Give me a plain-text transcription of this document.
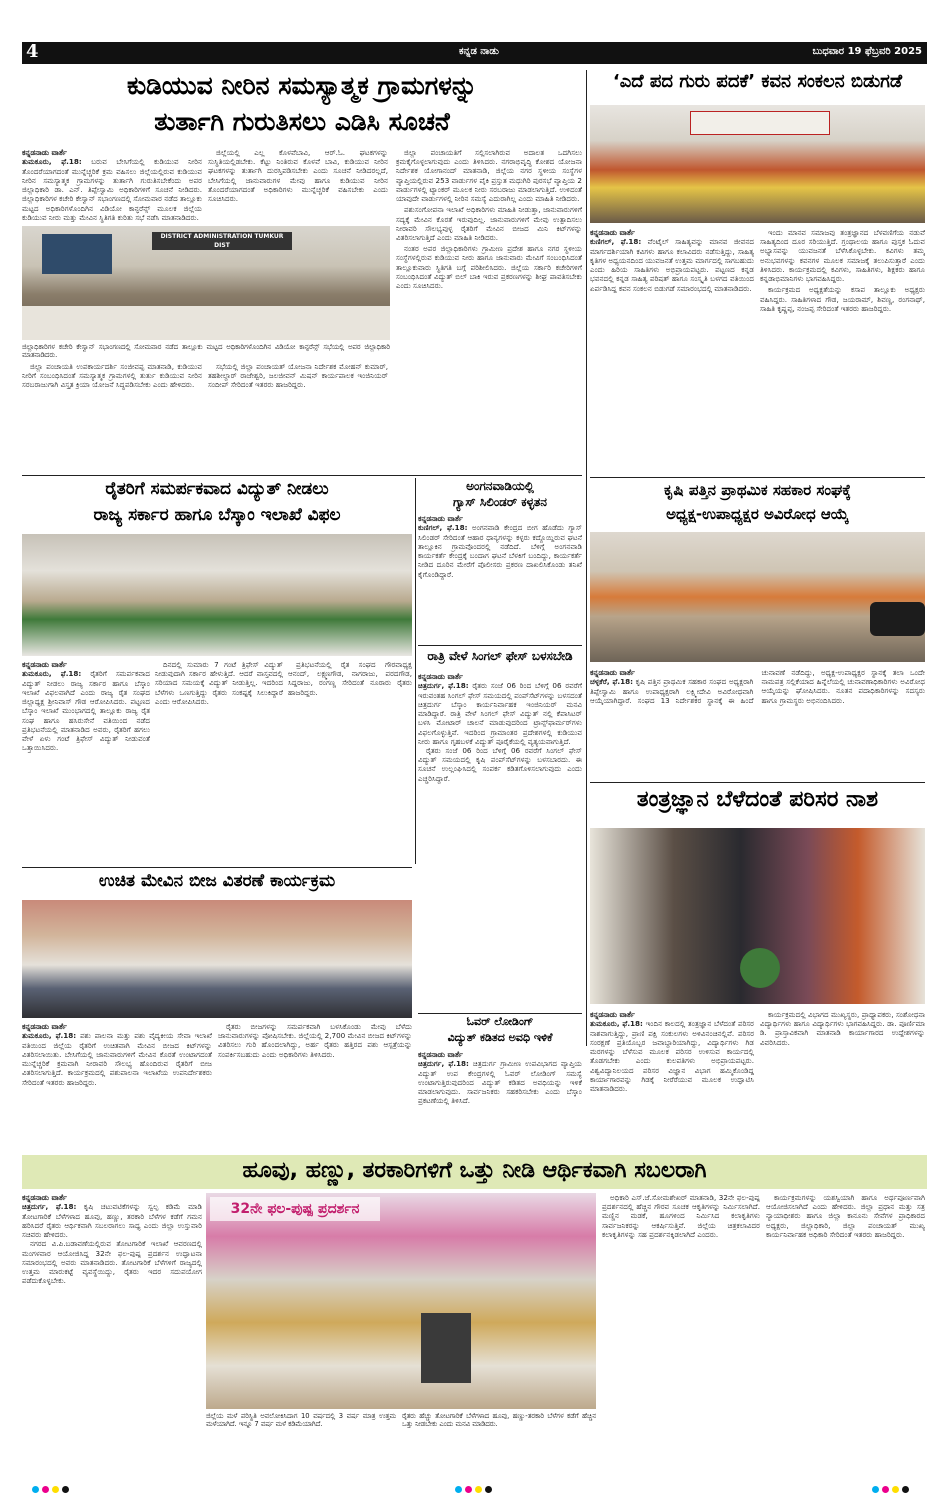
4	ಕನ್ನಡ ನಾಡು	ಬುಧವಾರ 19 ಫೆಬ್ರವರಿ 2025
ಕುಡಿಯುವ ನೀರಿನ ಸಮಸ್ಯಾತ್ಮಕ ಗ್ರಾಮಗಳನ್ನು
ತುರ್ತಾಗಿ ಗುರುತಿಸಲು ಎಡಿಸಿ ಸೂಚನೆ
ಕನ್ನಡನಾಡು ವಾರ್ತೆ
ತುಮಕೂರು, ಫೆ.18: ಬರುವ ಬೇಸಿಗೆಯಲ್ಲಿ ಕುಡಿಯುವ ನೀರಿನ ತೊಂದರೆಯಾಗದಂತೆ ಮುನ್ನೆಚ್ಚರಿಕೆ ಕ್ರಮ ವಹಿಸಲು ಜಿಲ್ಲೆಯಲ್ಲಿರುವ ಕುಡಿಯುವ ನೀರಿನ ಸಮಸ್ಯಾತ್ಮಕ ಗ್ರಾಮಗಳನ್ನು ತುರ್ತಾಗಿ ಗುರುತಿಸಬೇಕೆಂದು ಅಪರ ಜಿಲ್ಲಾಧಿಕಾರಿ ಡಾ. ಎನ್. ತಿಪ್ಪೇಸ್ವಾಮಿ ಅಧಿಕಾರಿಗಳಿಗೆ ಸೂಚನೆ ನೀಡಿದರು. ಜಿಲ್ಲಾಧಿಕಾರಿಗಳ ಕಚೇರಿ ಕೇಸ್ವಾನ್ ಸಭಾಂಗಣದಲ್ಲಿ ಸೋಮವಾರ ನಡೆದ ತಾಲ್ಲೂಕು ಮಟ್ಟದ ಅಧಿಕಾರಿಗಳೊಂದಿಗಿನ ವಿಡಿಯೋ ಕಾನ್ಫರೆನ್ಸ್ ಮೂಲಕ ಜಿಲ್ಲೆಯ ಕುಡಿಯುವ ನೀರು ಮತ್ತು ಮೇವಿನ ಸ್ಥಿತಿಗತಿ ಕುರಿತು ಸಭೆ ನಡೆಸಿ ಮಾತನಾಡಿದರು.

ಜಿಲ್ಲೆಯಲ್ಲಿ ಎಲ್ಲ ಕೊಳವೆಬಾವಿ, ಆರ್.ಓ. ಘಟಕಗಳನ್ನು ಸುಸ್ಥಿತಿಯಲ್ಲಿಡಬೇಕು. ಕೆಟ್ಟು ನಿಂತಿರುವ ಕೊಳವೆ ಬಾವಿ, ಕುಡಿಯುವ ನೀರಿನ ಘಟಕಗಳನ್ನು ತುರ್ತಾಗಿ ದುರಸ್ತಿಪಡಿಸಬೇಕು ಎಂದು ಸೂಚನೆ ನೀಡಿದರಲ್ಲದೆ, ಬೇಸಿಗೆಯಲ್ಲಿ ಜಾನುವಾರುಗಳ ಮೇವು ಹಾಗೂ ಕುಡಿಯುವ ನೀರಿನ ತೊಂದರೆಯಾಗದಂತೆ ಅಧಿಕಾರಿಗಳು ಮುನ್ನೆಚ್ಚರಿಕೆ ವಹಿಸಬೇಕು ಎಂದು ಸೂಚಿಸಿದರು.

DISTRICT ADMINISTRATION TUMKUR DIST
ಜಿಲ್ಲಾಧಿಕಾರಿಗಳ ಕಚೇರಿ ಕೇಸ್ವಾನ್ ಸಭಾಂಗಣದಲ್ಲಿ ಸೋಮವಾರ ನಡೆದ ತಾಲ್ಲೂಕು ಮಟ್ಟದ ಅಧಿಕಾರಿಗಳೊಂದಿಗಿನ ವಿಡಿಯೋ ಕಾನ್ಫರೆನ್ಸ್ ಸಭೆಯಲ್ಲಿ ಅಪರ ಜಿಲ್ಲಾಧಿಕಾರಿ ಮಾತನಾಡಿದರು.

ಜಿಲ್ಲಾ ಪಂಚಾಯತಿ ಉಪಕಾರ್ಯದರ್ಶಿ ಸಂಜೀವಪ್ಪ ಮಾತನಾಡಿ, ಕುಡಿಯುವ ನೀರಿಗೆ ಸಂಬಂಧಿಸಿದಂತೆ ಸಮಸ್ಯಾತ್ಮಕ ಗ್ರಾಮಗಳಲ್ಲಿ ತುರ್ತು ಕುಡಿಯುವ ನೀರಿನ ಸರಬರಾಜುಗಾಗಿ ವಿಸ್ತೃತ ಕ್ರಿಯಾ ಯೋಜನೆ ಸಿದ್ಧಪಡಿಸಬೇಕು ಎಂದು ಹೇಳಿದರು.

ಸಭೆಯಲ್ಲಿ ಜಿಲ್ಲಾ ಪಂಚಾಯತ್ ಯೋಜನಾ ನಿರ್ದೇಶಕ ಮೋಹನ್ ಕುಮಾರ್, ತಹಶೀಲ್ದಾರ್ ರಾಜೇಶ್ವರಿ, ಜಲಜೀವನ್ ಮಿಷನ್ ಕಾರ್ಯಪಾಲಕ ಇಂಜಿನಿಯರ್ ಸಂದೀಪ್ ಸೇರಿದಂತೆ ಇತರರು ಹಾಜರಿದ್ದರು.

ಜಿಲ್ಲಾ ಪಂಚಾಯತಿಗೆ ಸಲ್ಲಿಸಲಾಗಿರುವ ಅದಾಲತ ಒದಗಿಸಲು ಕ್ರಮಕೈಗೊಳ್ಳಲಾಗುವುದು ಎಂದು ತಿಳಿಸಿದರು. ನಗರಾಭಿವೃದ್ಧಿ ಕೋಶದ ಯೋಜನಾ ನಿರ್ದೇಶಕ ಯೋಗಾನಂದ್ ಮಾತನಾಡಿ, ಜಿಲ್ಲೆಯ ನಗರ ಸ್ಥಳೀಯ ಸಂಸ್ಥೆಗಳ ವ್ಯಾಪ್ತಿಯಲ್ಲಿರುವ 253 ವಾರ್ಡುಗಳ ಪೈಕಿ ಪ್ರಸ್ತುತ ಮಧುಗಿರಿ ಪುರಸಭೆ ವ್ಯಾಪ್ತಿಯ 2 ವಾರ್ಡುಗಳಲ್ಲಿ ಟ್ಯಾಂಕರ್ ಮೂಲಕ ನೀರು ಸರಬರಾಜು ಮಾಡಲಾಗುತ್ತಿದೆ. ಉಳಿದಂತೆ ಯಾವುದೇ ವಾರ್ಡುಗಳಲ್ಲಿ ನೀರಿನ ಸಮಸ್ಯೆ ಎದುರಾಗಿಲ್ಲ ಎಂದು ಮಾಹಿತಿ ನೀಡಿದರು.

ಪಶುಸಂಗೋಪನಾ ಇಲಾಖೆ ಅಧಿಕಾರಿಗಳು ಮಾಹಿತಿ ನೀಡುತ್ತಾ, ಜಾನುವಾರುಗಳಿಗೆ ಸದ್ಯಕ್ಕೆ ಮೇವಿನ ಕೊರತೆ ಇರುವುದಿಲ್ಲ. ಜಾನುವಾರುಗಳಿಗೆ ಮೇವು ಉತ್ಪಾದಿಸಲು ನೀರಾವರಿ ಸೌಲಭ್ಯವುಳ್ಳ ರೈತರಿಗೆ ಮೇವಿನ ಬೀಜದ ಮಿನಿ ಕಿಟ್‌ಗಳನ್ನು ವಿತರಿಸಲಾಗುತ್ತಿದೆ ಎಂದು ಮಾಹಿತಿ ನೀಡಿದರು.

ನಂತರ ಅಪರ ಜಿಲ್ಲಾಧಿಕಾರಿಗಳು ಗ್ರಾಮೀಣ ಪ್ರದೇಶ ಹಾಗೂ ನಗರ ಸ್ಥಳೀಯ ಸಂಸ್ಥೆಗಳಲ್ಲಿರುವ ಕುಡಿಯುವ ನೀರು ಹಾಗೂ ಜಾನುವಾರು ಮೇವಿಗೆ ಸಂಬಂಧಿಸಿದಂತೆ ತಾಲ್ಲೂಕುವಾರು ಸ್ಥಿತಿಗತಿ ಬಗ್ಗೆ ಪರಿಶೀಲಿಸಿದರು. ಜಿಲ್ಲೆಯ ಸರ್ಕಾರಿ ಕಚೇರಿಗಳಿಗೆ ಸಂಬಂಧಿಸಿದಂತೆ ವಿದ್ಯುತ್ ಬಿಲ್ ಬಾಕಿ ಇರುವ ಪ್ರಕರಣಗಳನ್ನು ಶೀಘ್ರ ಪಾವತಿಸಬೇಕು ಎಂದು ಸೂಚಿಸಿದರು.

‘ಎದೆ ಪದ ಗುರು ಪದಕೆ’ ಕವನ ಸಂಕಲನ ಬಿಡುಗಡೆ
ಕನ್ನಡನಾಡು ವಾರ್ತೆ
ಕುಣಿಗಲ್, ಫೆ.18: ವೆಂಟೈಲ್ ಸಾಹಿತ್ಯವನ್ನು ಮಾನವ ಜೀವನದ ಮಾರ್ಗದರ್ಶಿಯಾಗಿ ಕವಿಗಳು ಹಾಗೂ ಕಲಾವಿದರು ನಡೆಸುತ್ತಿದ್ದು, ಸಾಹಿತ್ಯ ಕೃತಿಗಳ ಅಧ್ಯಯನದಿಂದ ಯುವಜನತೆ ಉತ್ತಮ ಮಾರ್ಗದಲ್ಲಿ ಸಾಗಬಹುದು ಎಂದು ಹಿರಿಯ ಸಾಹಿತಿಗಳು ಅಭಿಪ್ರಾಯಪಟ್ಟರು. ಪಟ್ಟಣದ ಕನ್ನಡ ಭವನದಲ್ಲಿ ಕನ್ನಡ ಸಾಹಿತ್ಯ ಪರಿಷತ್ ಹಾಗೂ ಸಂಸ್ಕೃತಿ ಬಳಗದ ವತಿಯಿಂದ ಏರ್ಪಡಿಸಿದ್ದ ಕವನ ಸಂಕಲನ ಬಿಡುಗಡೆ ಸಮಾರಂಭದಲ್ಲಿ ಮಾತನಾಡಿದರು.

ಇಂದು ಮಾನವ ಸಮಾಜವು ತಂತ್ರಜ್ಞಾನದ ಬೆಳವಣಿಗೆಯ ನಡುವೆ ಸಾಹಿತ್ಯದಿಂದ ದೂರ ಸರಿಯುತ್ತಿದೆ. ಗ್ರಂಥಾಲಯ ಹಾಗೂ ಪುಸ್ತಕ ಓದುವ ಅಭ್ಯಾಸವನ್ನು ಯುವಜನತೆ ಬೆಳೆಸಿಕೊಳ್ಳಬೇಕು. ಕವಿಗಳು ತಮ್ಮ ಅನುಭವಗಳನ್ನು ಕವನಗಳ ಮೂಲಕ ಸಮಾಜಕ್ಕೆ ತಲುಪಿಸುತ್ತಾರೆ ಎಂದು ತಿಳಿಸಿದರು. ಕಾರ್ಯಕ್ರಮದಲ್ಲಿ ಕವಿಗಳು, ಸಾಹಿತಿಗಳು, ಶಿಕ್ಷಕರು ಹಾಗೂ ಕನ್ನಡಾಭಿಮಾನಿಗಳು ಭಾಗವಹಿಸಿದ್ದರು.

ಕಾರ್ಯಕ್ರಮದ ಅಧ್ಯಕ್ಷತೆಯನ್ನು ಕಸಾಪ ತಾಲ್ಲೂಕು ಅಧ್ಯಕ್ಷರು ವಹಿಸಿದ್ದರು. ಸಾಹಿತಿಗಳಾದ ಗೌಡ, ಜಯರಾಮ್, ಶಿವಣ್ಣ, ರಂಗನಾಥ್, ಸಾಹಿತಿ ಕೃಷ್ಣಪ್ಪ, ನಂಜಪ್ಪ ಸೇರಿದಂತೆ ಇತರರು ಹಾಜರಿದ್ದರು.

ರೈತರಿಗೆ ಸಮರ್ಪಕವಾದ ವಿದ್ಯುತ್ ನೀಡಲು
ರಾಜ್ಯ ಸರ್ಕಾರ ಹಾಗೂ ಬೆಸ್ಕಾಂ ಇಲಾಖೆ ವಿಫಲ
ಕನ್ನಡನಾಡು ವಾರ್ತೆ
ತುಮಕೂರು, ಫೆ.18: ರೈತರಿಗೆ ಸಮರ್ಪಕವಾದ ವಿದ್ಯುತ್ ನೀಡಲು ರಾಜ್ಯ ಸರ್ಕಾರ ಹಾಗೂ ಬೆಸ್ಕಾಂ ಇಲಾಖೆ ವಿಫಲವಾಗಿದೆ ಎಂದು ರಾಜ್ಯ ರೈತ ಸಂಘದ ಜಿಲ್ಲಾಧ್ಯಕ್ಷ ಶ್ರೀನಿವಾಸ್ ಗೌಡ ಆರೋಪಿಸಿದರು. ಪಟ್ಟಣದ ಬೆಸ್ಕಾಂ ಇಲಾಖೆ ಮುಂಭಾಗದಲ್ಲಿ ತಾಲ್ಲೂಕು ರಾಜ್ಯ ರೈತ ಸಂಘ ಹಾಗೂ ಹಸಿರುಸೇನೆ ವತಿಯಿಂದ ನಡೆದ ಪ್ರತಿಭಟನೆಯಲ್ಲಿ ಮಾತನಾಡಿದ ಅವರು, ರೈತರಿಗೆ ಹಗಲು ವೇಳೆ ಏಳು ಗಂಟೆ ತ್ರಿಫೇಸ್ ವಿದ್ಯುತ್ ನೀಡುವಂತೆ ಒತ್ತಾಯಿಸಿದರು.

ದಿನದಲ್ಲಿ ಸುಮಾರು 7 ಗಂಟೆ ತ್ರಿಫೇಸ್ ವಿದ್ಯುತ್ ನೀಡುವುದಾಗಿ ಸರ್ಕಾರ ಹೇಳುತ್ತಿದೆ. ಆದರೆ ವಾಸ್ತವದಲ್ಲಿ ಸರಿಯಾದ ಸಮಯಕ್ಕೆ ವಿದ್ಯುತ್ ನೀಡುತ್ತಿಲ್ಲ. ಇದರಿಂದ ಬೆಳೆಗಳು ಒಣಗುತ್ತಿದ್ದು ರೈತರು ಸಂಕಷ್ಟಕ್ಕೆ ಸಿಲುಕಿದ್ದಾರೆ ಎಂದು ಆರೋಪಿಸಿದರು.

ಪ್ರತಿಭಟನೆಯಲ್ಲಿ ರೈತ ಸಂಘದ ಗೌರವಾಧ್ಯಕ್ಷ ಆನಂದ್, ಲಕ್ಷ್ಮಣಗೌಡ, ನಾಗರಾಜು, ಪರದಗೌಡ, ಸಿದ್ದರಾಜು, ರಂಗಣ್ಣ ಸೇರಿದಂತೆ ನೂರಾರು ರೈತರು ಹಾಜರಿದ್ದರು.

ಅಂಗನವಾಡಿಯಲ್ಲಿ
ಗ್ಯಾಸ್ ಸಿಲಿಂಡರ್ ಕಳ್ಳತನ
ಕನ್ನಡನಾಡು ವಾರ್ತೆ
ಕುಣಿಗಲ್, ಫೆ.18: ಅಂಗನವಾಡಿ ಕೇಂದ್ರದ ಬೀಗ ಹೊಡೆದು ಗ್ಯಾಸ್ ಸಿಲಿಂಡರ್ ಸೇರಿದಂತೆ ಆಹಾರ ಧಾನ್ಯಗಳನ್ನು ಕಳ್ಳರು ಕದ್ದೊಯ್ದಿರುವ ಘಟನೆ ತಾಲ್ಲೂಕಿನ ಗ್ರಾಮವೊಂದರಲ್ಲಿ ನಡೆದಿದೆ. ಬೆಳಿಗ್ಗೆ ಅಂಗನವಾಡಿ ಕಾರ್ಯಕರ್ತೆ ಕೇಂದ್ರಕ್ಕೆ ಬಂದಾಗ ಘಟನೆ ಬೆಳಕಿಗೆ ಬಂದಿದ್ದು, ಕಾರ್ಯಕರ್ತೆ ನೀಡಿದ ದೂರಿನ ಮೇರೆಗೆ ಪೊಲೀಸರು ಪ್ರಕರಣ ದಾಖಲಿಸಿಕೊಂಡು ತನಿಖೆ ಕೈಗೊಂಡಿದ್ದಾರೆ.
ರಾತ್ರಿ ವೇಳೆ ಸಿಂಗಲ್ ಫೇಸ್ ಬಳಸಬೇಡಿ
ಕನ್ನಡನಾಡು ವಾರ್ತೆ
ಚಿತ್ರದುರ್ಗ, ಫೆ.18: ರೈತರು ಸಂಜೆ 06 ರಿಂದ ಬೆಳಿಗ್ಗೆ 06 ರವರೆಗೆ ಇರುವಂತಹ ಸಿಂಗಲ್ ಫೇಸ್ ಸಮಯದಲ್ಲಿ ಪಂಪ್‌ಸೆಟ್‌ಗಳನ್ನು ಬಳಸದಂತೆ ಚಿತ್ರದುರ್ಗ ಬೆಸ್ಕಾಂ ಕಾರ್ಯನಿರ್ವಾಹಕ ಇಂಜಿನಿಯರ್ ಮನವಿ ಮಾಡಿದ್ದಾರೆ. ರಾತ್ರಿ ವೇಳೆ ಸಿಂಗಲ್ ಫೇಸ್ ವಿದ್ಯುತ್ ನಲ್ಲಿ ಕೆಪಾಸಿಟರ್ ಬಳಸಿ ಮೋಟಾರ್ ಚಾಲನೆ ಮಾಡುವುದರಿಂದ ಟ್ರಾನ್ಸ್‌ಫಾರ್ಮರ್‌ಗಳು ವಿಫಲಗೊಳ್ಳುತ್ತಿವೆ. ಇದರಿಂದ ಗ್ರಾಮಾಂತರ ಪ್ರದೇಶಗಳಲ್ಲಿ ಕುಡಿಯುವ ನೀರು ಹಾಗೂ ಗೃಹಬಳಕೆ ವಿದ್ಯುತ್ ಪೂರೈಕೆಯಲ್ಲಿ ವ್ಯತ್ಯಯವಾಗುತ್ತಿದೆ.

ರೈತರು ಸಂಜೆ 06 ರಿಂದ ಬೆಳಿಗ್ಗೆ 06 ರವರೆಗೆ ಸಿಂಗಲ್ ಫೇಸ್ ವಿದ್ಯುತ್ ಸಮಯದಲ್ಲಿ ಕೃಷಿ ಪಂಪ್‌ಸೆಟ್‌ಗಳನ್ನು ಬಳಸಬಾರದು. ಈ ಸೂಚನೆ ಉಲ್ಲಂಘಿಸಿದಲ್ಲಿ ಸಂಪರ್ಕ ಕಡಿತಗೊಳಿಸಲಾಗುವುದು ಎಂದು ಎಚ್ಚರಿಸಿದ್ದಾರೆ.

ಓವರ್ ಲೋಡಿಂಗ್
ವಿದ್ಯುತ್ ಕಡಿತದ ಅವಧಿ ಇಳಿಕೆ
ಕನ್ನಡನಾಡು ವಾರ್ತೆ
ಚಿತ್ರದುರ್ಗ, ಫೆ.18: ಚಿತ್ರದುರ್ಗ ಗ್ರಾಮೀಣ ಉಪವಿಭಾಗದ ವ್ಯಾಪ್ತಿಯ ವಿದ್ಯುತ್ ಉಪ ಕೇಂದ್ರಗಳಲ್ಲಿ ಓವರ್ ಲೋಡಿಂಗ್ ಸಮಸ್ಯೆ ಉಂಟಾಗುತ್ತಿರುವುದರಿಂದ ವಿದ್ಯುತ್ ಕಡಿತದ ಅವಧಿಯನ್ನು ಇಳಿಕೆ ಮಾಡಲಾಗುವುದು. ಸಾರ್ವಜನಿಕರು ಸಹಕರಿಸಬೇಕು ಎಂದು ಬೆಸ್ಕಾಂ ಪ್ರಕಟಣೆಯಲ್ಲಿ ತಿಳಿಸಿದೆ.
ಕೃಷಿ ಪತ್ತಿನ ಪ್ರಾಥಮಿಕ ಸಹಕಾರ ಸಂಘಕ್ಕೆ
ಅಧ್ಯಕ್ಷ-ಉಪಾಧ್ಯಕ್ಷರ ಅವಿರೋಧ ಆಯ್ಕೆ
ಕನ್ನಡನಾಡು ವಾರ್ತೆ
ಚಳ್ಳಕೆರೆ, ಫೆ.18: ಕೃಷಿ ಪತ್ತಿನ ಪ್ರಾಥಮಿಕ ಸಹಕಾರ ಸಂಘದ ಅಧ್ಯಕ್ಷರಾಗಿ ತಿಪ್ಪೇಸ್ವಾಮಿ ಹಾಗೂ ಉಪಾಧ್ಯಕ್ಷರಾಗಿ ಲಕ್ಷ್ಮೀದೇವಿ ಅವಿರೋಧವಾಗಿ ಆಯ್ಕೆಯಾಗಿದ್ದಾರೆ. ಸಂಘದ 13 ನಿರ್ದೇಶಕರ ಸ್ಥಾನಕ್ಕೆ ಈ ಹಿಂದೆ ಚುನಾವಣೆ ನಡೆದಿದ್ದು, ಅಧ್ಯಕ್ಷ-ಉಪಾಧ್ಯಕ್ಷರ ಸ್ಥಾನಕ್ಕೆ ತಲಾ ಒಂದೇ ನಾಮಪತ್ರ ಸಲ್ಲಿಕೆಯಾದ ಹಿನ್ನೆಲೆಯಲ್ಲಿ ಚುನಾವಣಾಧಿಕಾರಿಗಳು ಅವಿರೋಧ ಆಯ್ಕೆಯನ್ನು ಘೋಷಿಸಿದರು. ನೂತನ ಪದಾಧಿಕಾರಿಗಳನ್ನು ಸದಸ್ಯರು ಹಾಗೂ ಗ್ರಾಮಸ್ಥರು ಅಭಿನಂದಿಸಿದರು.
ತಂತ್ರಜ್ಞಾನ ಬೆಳೆದಂತೆ ಪರಿಸರ ನಾಶ
ಕನ್ನಡನಾಡು ವಾರ್ತೆ
ತುಮಕೂರು, ಫೆ.18: ಇಂದಿನ ಕಾಲದಲ್ಲಿ ತಂತ್ರಜ್ಞಾನ ಬೆಳೆದಂತೆ ಪರಿಸರ ನಾಶವಾಗುತ್ತಿದ್ದು, ಪ್ರಾಣಿ ಪಕ್ಷಿ ಸಂಕುಲಗಳು ಅಳಿವಿನಂಚಿನಲ್ಲಿವೆ. ಪರಿಸರ ಸಂರಕ್ಷಣೆ ಪ್ರತಿಯೊಬ್ಬರ ಜವಾಬ್ದಾರಿಯಾಗಿದ್ದು, ವಿದ್ಯಾರ್ಥಿಗಳು ಗಿಡ ಮರಗಳನ್ನು ಬೆಳೆಸುವ ಮೂಲಕ ಪರಿಸರ ಉಳಿಸುವ ಕಾರ್ಯದಲ್ಲಿ ತೊಡಗಬೇಕು ಎಂದು ಕುಲಪತಿಗಳು ಅಭಿಪ್ರಾಯಪಟ್ಟರು. ವಿಶ್ವವಿದ್ಯಾನಿಲಯದ ಪರಿಸರ ವಿಜ್ಞಾನ ವಿಭಾಗ ಹಮ್ಮಿಕೊಂಡಿದ್ದ ಕಾರ್ಯಾಗಾರವನ್ನು ಗಿಡಕ್ಕೆ ನೀರೆರೆಯುವ ಮೂಲಕ ಉದ್ಘಾಟಿಸಿ ಮಾತನಾಡಿದರು.

ಕಾರ್ಯಕ್ರಮದಲ್ಲಿ ವಿಭಾಗದ ಮುಖ್ಯಸ್ಥರು, ಪ್ರಾಧ್ಯಾಪಕರು, ಸಂಶೋಧನಾ ವಿದ್ಯಾರ್ಥಿಗಳು ಹಾಗೂ ವಿದ್ಯಾರ್ಥಿಗಳು ಭಾಗವಹಿಸಿದ್ದರು. ಡಾ. ಪೂರ್ಣಿಮಾ ಡಿ. ಪ್ರಾಸ್ತಾವಿಕವಾಗಿ ಮಾತನಾಡಿ ಕಾರ್ಯಾಗಾರದ ಉದ್ದೇಶಗಳನ್ನು ವಿವರಿಸಿದರು.

ಉಚಿತ ಮೇವಿನ ಬೀಜ ವಿತರಣೆ ಕಾರ್ಯಕ್ರಮ
ಕನ್ನಡನಾಡು ವಾರ್ತೆ
ತುಮಕೂರು, ಫೆ.18: ಪಶು ಪಾಲನಾ ಮತ್ತು ಪಶು ವೈದ್ಯಕೀಯ ಸೇವಾ ಇಲಾಖೆ ವತಿಯಿಂದ ಜಿಲ್ಲೆಯ ರೈತರಿಗೆ ಉಚಿತವಾಗಿ ಮೇವಿನ ಬೀಜದ ಕಿಟ್‌ಗಳನ್ನು ವಿತರಿಸಲಾಯಿತು. ಬೇಸಿಗೆಯಲ್ಲಿ ಜಾನುವಾರುಗಳಿಗೆ ಮೇವಿನ ಕೊರತೆ ಉಂಟಾಗದಂತೆ ಮುನ್ನೆಚ್ಚರಿಕೆ ಕ್ರಮವಾಗಿ ನೀರಾವರಿ ಸೌಲಭ್ಯ ಹೊಂದಿರುವ ರೈತರಿಗೆ ಬೀಜ ವಿತರಿಸಲಾಗುತ್ತಿದೆ. ಕಾರ್ಯಕ್ರಮದಲ್ಲಿ ಪಶುಪಾಲನಾ ಇಲಾಖೆಯ ಉಪನಿರ್ದೇಶಕರು ಸೇರಿದಂತೆ ಇತರರು ಹಾಜರಿದ್ದರು.

ರೈತರು ಬೀಜಗಳನ್ನು ಸಮರ್ಪಕವಾಗಿ ಬಳಸಿಕೊಂಡು ಮೇವು ಬೆಳೆದು ಜಾನುವಾರುಗಳನ್ನು ಪೋಷಿಸಬೇಕು. ಜಿಲ್ಲೆಯಲ್ಲಿ 2,700 ಮೇವಿನ ಬೀಜದ ಕಿಟ್‌ಗಳನ್ನು ವಿತರಿಸಲು ಗುರಿ ಹೊಂದಲಾಗಿದ್ದು, ಅರ್ಹ ರೈತರು ಹತ್ತಿರದ ಪಶು ಆಸ್ಪತ್ರೆಯನ್ನು ಸಂಪರ್ಕಿಸಬಹುದು ಎಂದು ಅಧಿಕಾರಿಗಳು ತಿಳಿಸಿದರು.

ಹೂವು, ಹಣ್ಣು, ತರಕಾರಿಗಳಿಗೆ ಒತ್ತು ನೀಡಿ ಆರ್ಥಿಕವಾಗಿ ಸಬಲರಾಗಿ
ಕನ್ನಡನಾಡು ವಾರ್ತೆ
ಚಿತ್ರದುರ್ಗ, ಫೆ.18: ಕೃಷಿ ಚಟುವಟಿಕೆಗಳನ್ನು ಸ್ವಲ್ಪ ಕಡಿಮೆ ಮಾಡಿ ತೋಟಗಾರಿಕೆ ಬೆಳೆಗಳಾದ ಹೂವು, ಹಣ್ಣು, ತರಕಾರಿ ಬೆಳೆಗಳ ಕಡೆಗೆ ಗಮನ ಹರಿಸಿದರೆ ರೈತರು ಆರ್ಥಿಕವಾಗಿ ಸಬಲರಾಗಲು ಸಾಧ್ಯ ಎಂದು ಜಿಲ್ಲಾ ಉಸ್ತುವಾರಿ ಸಚಿವರು ಹೇಳಿದರು.

ನಗರದ ವಿ.ಪಿ.ಬಡಾವಣೆಯಲ್ಲಿರುವ ತೋಟಗಾರಿಕೆ ಇಲಾಖೆ ಆವರಣದಲ್ಲಿ ಮಂಗಳವಾರ ಆಯೋಜಿಸಿದ್ದ 32ನೇ ಫಲ-ಪುಷ್ಪ ಪ್ರದರ್ಶನ ಉದ್ಘಾಟನಾ ಸಮಾರಂಭದಲ್ಲಿ ಅವರು ಮಾತನಾಡಿದರು. ತೋಟಗಾರಿಕೆ ಬೆಳೆಗಳಿಗೆ ರಾಜ್ಯದಲ್ಲಿ ಉತ್ತಮ ಮಾರುಕಟ್ಟೆ ವ್ಯವಸ್ಥೆಯಿದ್ದು, ರೈತರು ಇದರ ಸದುಪಯೋಗ ಪಡೆದುಕೊಳ್ಳಬೇಕು.

32ನೇ ಫಲ-ಪುಷ್ಪ ಪ್ರದರ್ಶನ
ಜಿಲ್ಲೆಯ ಮಳೆ ಪರಿಸ್ಥಿತಿ ಅವಲೋಕಿಸಿದಾಗ 10 ವರ್ಷದಲ್ಲಿ 3 ವರ್ಷ ಮಾತ್ರ ಉತ್ತಮ ಮಳೆಯಾಗಿದೆ. ಇನ್ನೂ 7 ವರ್ಷ ಮಳೆ ಕಡಿಮೆಯಾಗಿದೆ.
ರೈತರು ಹೆಚ್ಚು ತೋಟಗಾರಿಕೆ ಬೆಳೆಗಳಾದ ಹೂವು, ಹಣ್ಣು-ತರಕಾರಿ ಬೆಳೆಗಳ ಕಡೆಗೆ ಹೆಚ್ಚಿನ ಒತ್ತು ನೀಡಬೇಕು ಎಂದು ಮನವಿ ಮಾಡಿದರು.

ಅಧಿಕಾರಿ ಎಸ್.ಜೆ.ಸೋಮಶೇಖರ್ ಮಾತನಾಡಿ, 32ನೇ ಫಲ-ಪುಷ್ಪ ಪ್ರದರ್ಶನದಲ್ಲಿ ಹೆಚ್ಚಿನ ಗೌರವ ಸೂಚಕ ಆಕೃತಿಗಳನ್ನು ನಿರ್ಮಿಸಲಾಗಿದೆ. ಮಣ್ಣಿನ ಮಡಕೆ, ಹೂಗಳಿಂದ ನಿರ್ಮಿಸಿದ ಕಲಾಕೃತಿಗಳು ಸಾರ್ವಜನಿಕರನ್ನು ಆಕರ್ಷಿಸುತ್ತಿವೆ. ಜಿಲ್ಲೆಯ ಚಿತ್ರಕಲಾವಿದರ ಕಲಾಕೃತಿಗಳನ್ನು ಸಹ ಪ್ರದರ್ಶನಕ್ಕಿಡಲಾಗಿದೆ ಎಂದರು.

ಕಾರ್ಯಕ್ರಮಗಳನ್ನು ಯಶಸ್ವಿಯಾಗಿ ಹಾಗೂ ಅರ್ಥಪೂರ್ಣವಾಗಿ ಆಯೋಜಿಸಲಾಗಿದೆ ಎಂದು ಹೇಳಿದರು. ಜಿಲ್ಲಾ ಪ್ರಧಾನ ಮತ್ತು ಸತ್ರ ನ್ಯಾಯಾಧೀಶರು ಹಾಗೂ ಜಿಲ್ಲಾ ಕಾನೂನು ಸೇವೆಗಳ ಪ್ರಾಧಿಕಾರದ ಅಧ್ಯಕ್ಷರು, ಜಿಲ್ಲಾಧಿಕಾರಿ, ಜಿಲ್ಲಾ ಪಂಚಾಯತ್ ಮುಖ್ಯ ಕಾರ್ಯನಿರ್ವಾಹಕ ಅಧಿಕಾರಿ ಸೇರಿದಂತೆ ಇತರರು ಹಾಜರಿದ್ದರು.
